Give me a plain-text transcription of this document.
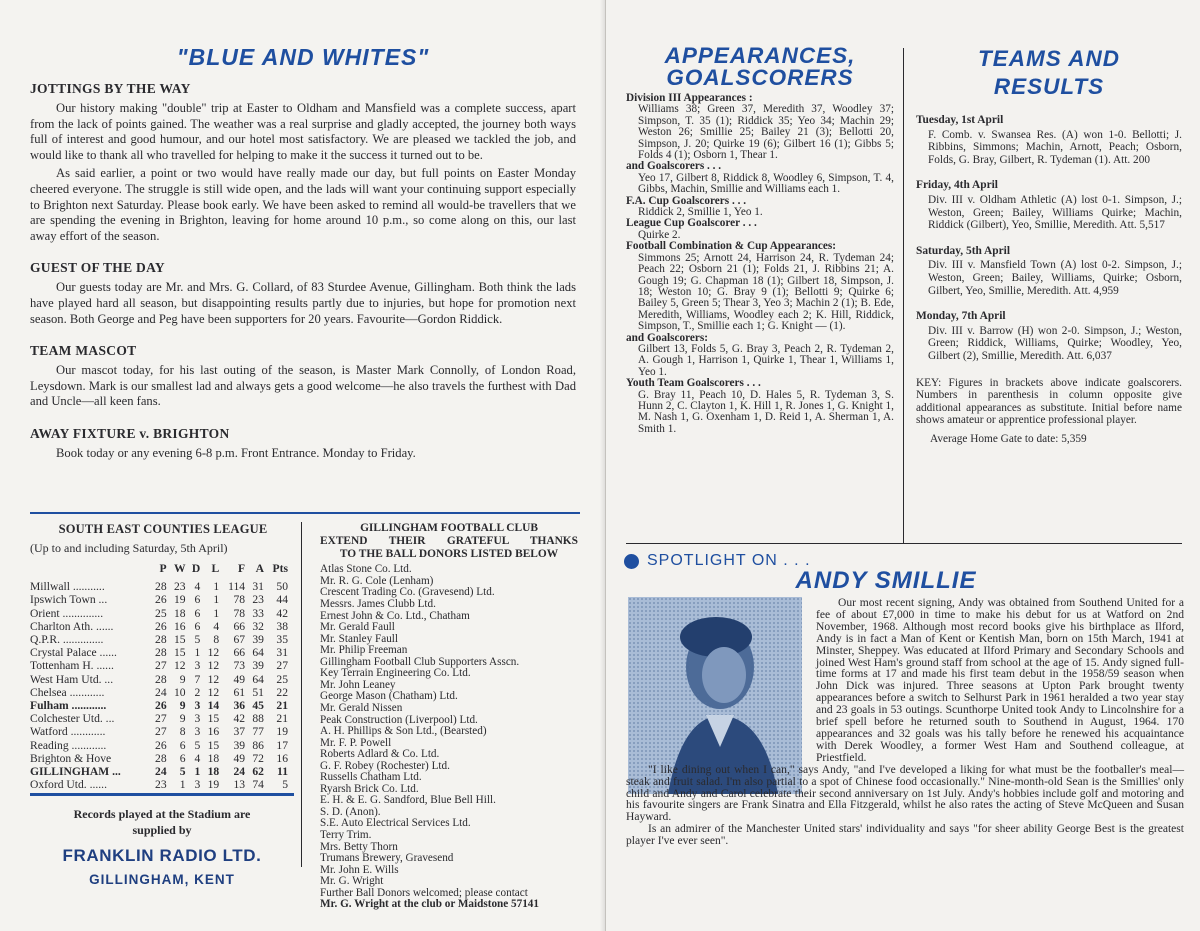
"BLUE AND WHITES"
JOTTINGS BY THE WAY

Our history making "double" trip at Easter to Oldham and Mansfield was a complete success, apart from the lack of points gained. The weather was a real surprise and gladly accepted, the journey both ways full of interest and good humour, and our hotel most satisfactory. We are pleased we tackled the job, and would like to thank all who travelled for helping to make it the success it turned out to be.

As said earlier, a point or two would have really made our day, but full points on Easter Monday cheered everyone. The struggle is still wide open, and the lads will want your continuing support especially to Brighton next Saturday. Please book early. We have been asked to remind all would-be travellers that we are spending the evening in Brighton, leaving for home around 10 p.m., so come along on this, our last away effort of the season.

GUEST OF THE DAY

Our guests today are Mr. and Mrs. G. Collard, of 83 Sturdee Avenue, Gillingham. Both think the lads have played hard all season, but disappointing results partly due to injuries, but hope for promotion next season. Both George and Peg have been supporters for 20 years. Favourite—Gordon Riddick.

TEAM MASCOT

Our mascot today, for his last outing of the season, is Master Mark Connolly, of London Road, Leysdown. Mark is our smallest lad and always gets a good welcome—he also travels the furthest with Dad and Uncle—all keen fans.

AWAY FIXTURE v. BRIGHTON

Book today or any evening 6-8 p.m. Front Entrance. Monday to Friday.

SOUTH EAST COUNTIES LEAGUE
(Up to and including Saturday, 5th April)
	P	W	D	L	F	A	Pts

Millwall ...........	28	23	4	1	114	31	50
Ipswich Town ...	26	19	6	1	78	23	44
Orient ..............	25	18	6	1	78	33	42
Charlton Ath. ......	26	16	6	4	66	32	38
Q.P.R. ..............	28	15	5	8	67	39	35
Crystal Palace ......	28	15	1	12	66	64	31
Tottenham H. ......	27	12	3	12	73	39	27
West Ham Utd. ...	28	9	7	12	49	64	25
Chelsea ............	24	10	2	12	61	51	22
Fulham ............	26	9	3	14	36	45	21
Colchester Utd. ...	27	9	3	15	42	88	21
Watford ............	27	8	3	16	37	77	19
Reading ............	26	6	5	15	39	86	17
Brighton & Hove	28	6	4	18	49	72	16
GILLINGHAM ...	24	5	1	18	24	62	11
Oxford Utd. ......	23	1	3	19	13	74	5
Records played at the Stadium are
supplied by
FRANKLIN RADIO LTD.
GILLINGHAM, KENT
GILLINGHAM FOOTBALL CLUB
EXTEND THEIR GRATEFUL THANKS
TO THE BALL DONORS LISTED BELOW
Atlas Stone Co. Ltd.
Mr. R. G. Cole (Lenham)
Crescent Trading Co. (Gravesend) Ltd.
Messrs. James Clubb Ltd.
Ernest John & Co. Ltd., Chatham
Mr. Gerald Faull
Mr. Stanley Faull
Mr. Philip Freeman
Gillingham Football Club Supporters Asscn.
Key Terrain Engineering Co. Ltd.
Mr. John Leaney
George Mason (Chatham) Ltd.
Mr. Gerald Nissen
Peak Construction (Liverpool) Ltd.
A. H. Phillips & Son Ltd., (Bearsted)
Mr. F. P. Powell
Roberts Adlard & Co. Ltd.
G. F. Robey (Rochester) Ltd.
Russells Chatham Ltd.
Ryarsh Brick Co. Ltd.
E. H. & E. G. Sandford, Blue Bell Hill.
S. D. (Anon).
S.E. Auto Electrical Services Ltd.
Terry Trim.
Mrs. Betty Thorn
Trumans Brewery, Gravesend
Mr. John E. Wills
Mr. G. Wright
Further Ball Donors welcomed; please contact
Mr. G. Wright at the club or Maidstone 57141
APPEARANCES,
GOALSCORERS
Division III Appearances :
Williams 38; Green 37, Meredith 37, Woodley 37; Simpson, T. 35 (1); Riddick 35; Yeo 34; Machin 29; Weston 26; Smillie 25; Bailey 21 (3); Bellotti 20, Simpson, J. 20; Quirke 19 (6); Gilbert 16 (1); Gibbs 5; Folds 4 (1); Osborn 1, Thear 1.
and Goalscorers . . .
Yeo 17, Gilbert 8, Riddick 8, Woodley 6, Simpson, T. 4, Gibbs, Machin, Smillie and Williams each 1.
F.A. Cup Goalscorers . . .
Riddick 2, Smillie 1, Yeo 1.
League Cup Goalscorer . . .
Quirke 2.
Football Combination & Cup Appearances:
Simmons 25; Arnott 24, Harrison 24, R. Tydeman 24; Peach 22; Osborn 21 (1); Folds 21, J. Ribbins 21; A. Gough 19; G. Chapman 18 (1); Gilbert 18, Simpson, J. 18; Weston 10; G. Bray 9 (1); Bellotti 9; Quirke 6; Bailey 5, Green 5; Thear 3, Yeo 3; Machin 2 (1); B. Ede, Meredith, Williams, Woodley each 2; K. Hill, Riddick, Simpson, T., Smillie each 1; G. Knight — (1).
and Goalscorers:
Gilbert 13, Folds 5, G. Bray 3, Peach 2, R. Tydeman 2, A. Gough 1, Harrison 1, Quirke 1, Thear 1, Williams 1, Yeo 1.
Youth Team Goalscorers . . .
G. Bray 11, Peach 10, D. Hales 5, R. Tydeman 3, S. Hunn 2, C. Clayton 1, K. Hill 1, R. Jones 1, G. Knight 1, M. Nash 1, G. Oxenham 1, D. Reid 1, A. Sherman 1, A. Smith 1.
TEAMS AND
RESULTS
Tuesday, 1st April
F. Comb. v. Swansea Res. (A) won 1-0. Bellotti; J. Ribbins, Simmons; Machin, Arnott, Peach; Osborn, Folds, G. Bray, Gilbert, R. Tydeman (1). Att. 200
Friday, 4th April
Div. III v. Oldham Athletic (A) lost 0-1. Simpson, J.; Weston, Green; Bailey, Williams Quirke; Machin, Riddick (Gilbert), Yeo, Smillie, Meredith. Att. 5,517
Saturday, 5th April
Div. III v. Mansfield Town (A) lost 0-2. Simpson, J.; Weston, Green; Bailey, Williams, Quirke; Osborn, Gilbert, Yeo, Smillie, Meredith. Att. 4,959
Monday, 7th April
Div. III v. Barrow (H) won 2-0. Simpson, J.; Weston, Green; Riddick, Williams, Quirke; Woodley, Yeo, Gilbert (2), Smillie, Meredith. Att. 6,037
KEY: Figures in brackets above indicate goalscorers. Numbers in parenthesis in column opposite give additional appearances as substitute. Initial before name shows amateur or apprentice professional player.
Average Home Gate to date: 5,359
SPOTLIGHT ON . . .
ANDY SMILLIE

Our most recent signing, Andy was obtained from Southend United for a fee of about £7,000 in time to make his debut for us at Watford on 2nd November, 1968. Although most record books give his birthplace as Ilford, Andy is in fact a Man of Kent or Kentish Man, born on 15th March, 1941 at Minster, Sheppey. Was educated at Ilford Primary and Secondary Schools and joined West Ham's ground staff from school at the age of 15. Andy signed full-time forms at 17 and made his first team debut in the 1958/59 season when John Dick was injured. Three seasons at Upton Park brought twenty appearances before a switch to Selhurst Park in 1961 heralded a two year stay and 23 goals in 53 outings. Scunthorpe United took Andy to Lincolnshire for a brief spell before he returned south to Southend in August, 1964. 170 appearances and 32 goals was his tally before he renewed his acquaintance with Derek Woodley, a former West Ham and Southend colleague, at Priestfield.

"I like dining out when I can," says Andy, "and I've developed a liking for what must be the footballer's meal—steak and fruit salad. I'm also partial to a spot of Chinese food occasionally." Nine-month-old Sean is the Smillies' only child and Andy and Carol celebrate their second anniversary on 1st July. Andy's hobbies include golf and motoring and his favourite singers are Frank Sinatra and Ella Fitzgerald, whilst he also rates the acting of Steve McQueen and Susan Hayward.

Is an admirer of the Manchester United stars' individuality and says "for sheer ability George Best is the greatest player I've ever seen".
